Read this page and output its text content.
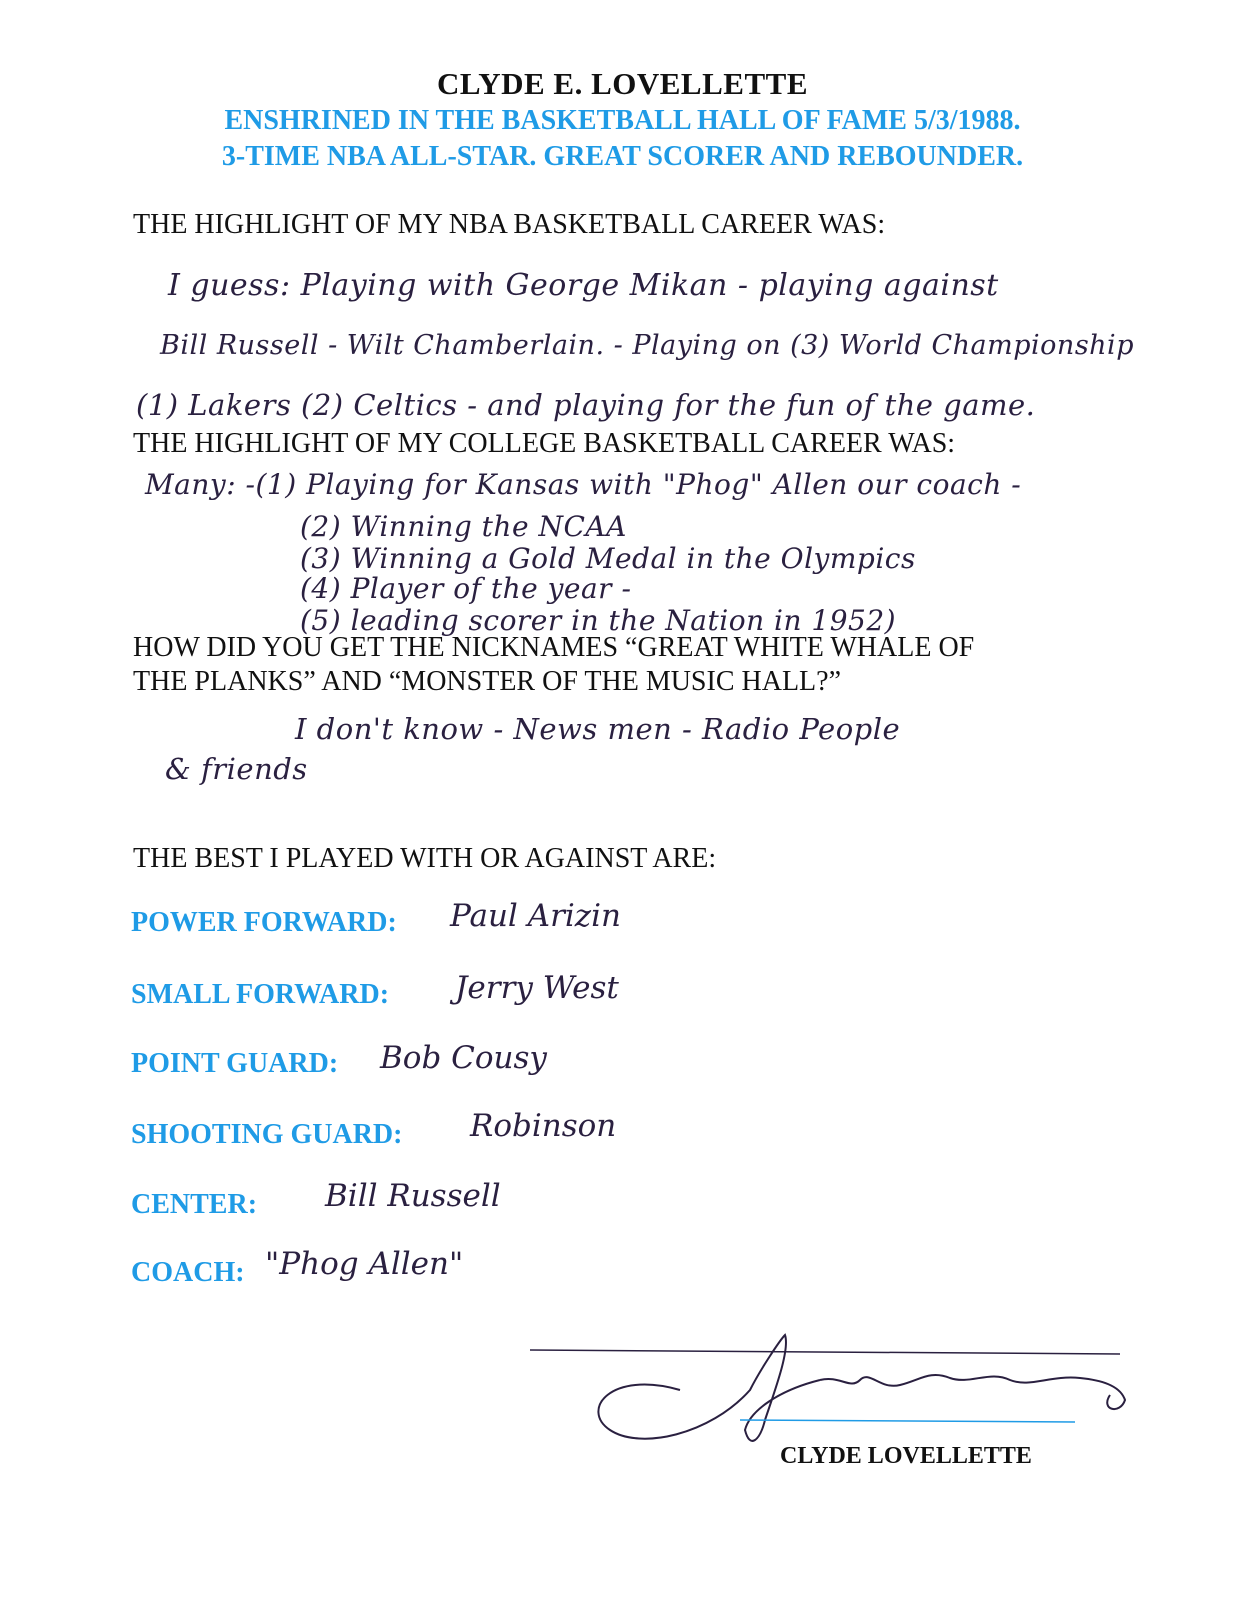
CLYDE E. LOVELLETTE
ENSHRINED IN THE BASKETBALL HALL OF FAME 5/3/1988.
3-TIME NBA ALL-STAR. GREAT SCORER AND REBOUNDER.
THE HIGHLIGHT OF MY NBA BASKETBALL CAREER WAS:
I guess: Playing with George Mikan - playing against
Bill Russell - Wilt Chamberlain. - Playing on (3) World Championship
(1) Lakers (2) Celtics - and playing for the fun of the game.
THE HIGHLIGHT OF MY COLLEGE BASKETBALL CAREER WAS:
Many: -(1) Playing for Kansas with "Phog" Allen our coach -
(2) Winning the NCAA
(3) Winning a Gold Medal in the Olympics
(4) Player of the year -
(5) leading scorer in the Nation in 1952)
HOW DID YOU GET THE NICKNAMES “GREAT WHITE WHALE OF
THE PLANKS” AND “MONSTER OF THE MUSIC HALL?”
I don't know - News men - Radio People
& friends
THE BEST I PLAYED WITH OR AGAINST ARE:
POWER FORWARD: Paul Arizin
SMALL FORWARD: Jerry West
POINT GUARD: Bob Cousy
SHOOTING GUARD: Robinson
CENTER: Bill Russell
COACH: "Phog Allen"
CLYDE LOVELLETTE
